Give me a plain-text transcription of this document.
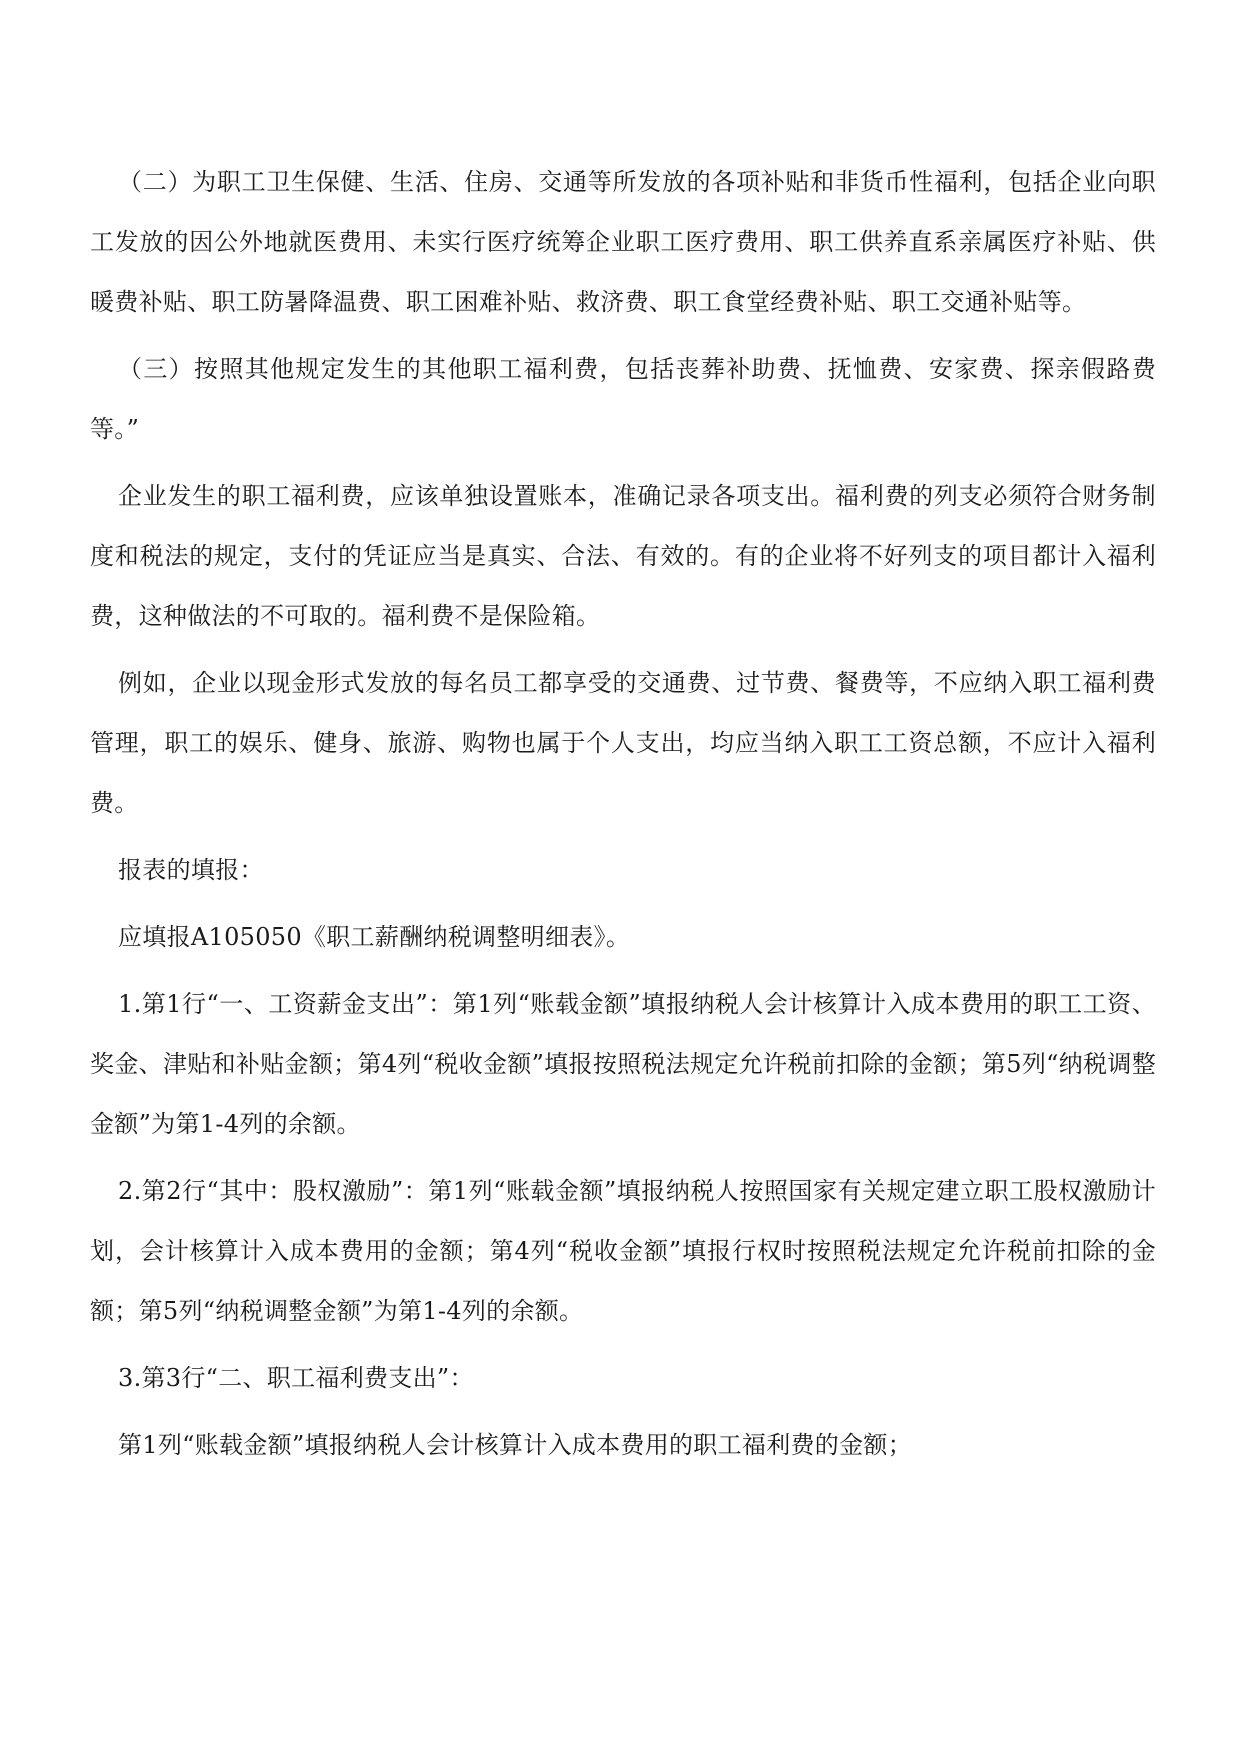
（二）为职工卫生保健、生活、住房、交通等所发放的各项补贴和非货币性福利，包括企业向职工发放的因公外地就医费用、未实行医疗统筹企业职工医疗费用、职工供养直系亲属医疗补贴、供暖费补贴、职工防暑降温费、职工困难补贴、救济费、职工食堂经费补贴、职工交通补贴等。

（三）按照其他规定发生的其他职工福利费，包括丧葬补助费、抚恤费、安家费、探亲假路费等。”

企业发生的职工福利费，应该单独设置账本，准确记录各项支出。福利费的列支必须符合财务制度和税法的规定，支付的凭证应当是真实、合法、有效的。有的企业将不好列支的项目都计入福利费，这种做法的不可取的。福利费不是保险箱。

例如，企业以现金形式发放的每名员工都享受的交通费、过节费、餐费等，不应纳入职工福利费管理，职工的娱乐、健身、旅游、购物也属于个人支出，均应当纳入职工工资总额，不应计入福利费。

报表的填报：

应填报A105050《职工薪酬纳税调整明细表》。

1.第1行“一、工资薪金支出”：第1列“账载金额”填报纳税人会计核算计入成本费用的职工工资、奖金、津贴和补贴金额；第4列“税收金额”填报按照税法规定允许税前扣除的金额；第5列“纳税调整金额”为第1-4列的余额。

2.第2行“其中：股权激励”：第1列“账载金额”填报纳税人按照国家有关规定建立职工股权激励计划，会计核算计入成本费用的金额；第4列“税收金额”填报行权时按照税法规定允许税前扣除的金额；第5列“纳税调整金额”为第1-4列的余额。

3.第3行“二、职工福利费支出”：

第1列“账载金额”填报纳税人会计核算计入成本费用的职工福利费的金额；
